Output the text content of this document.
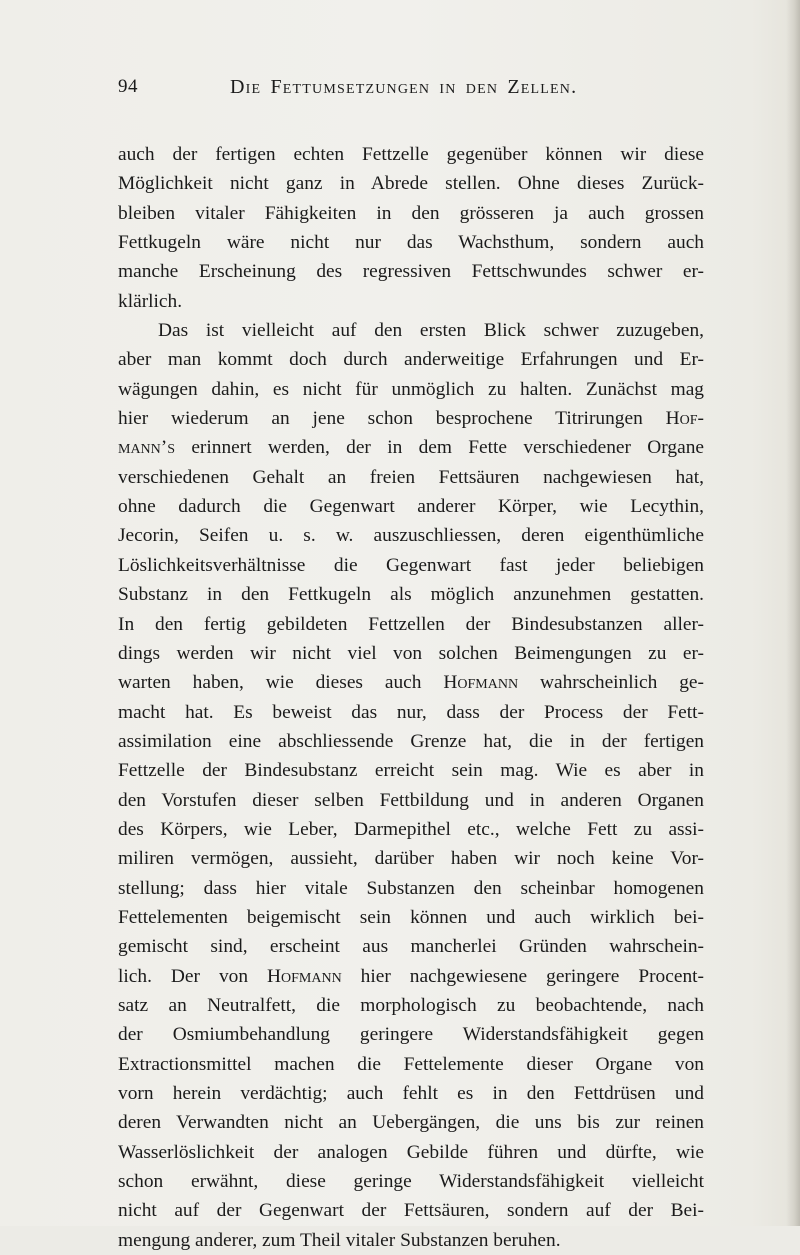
94	Die Fettumsetzungen in den Zellen.
auch der fertigen echten Fettzelle gegenüber können wir diese
Möglichkeit nicht ganz in Abrede stellen. Ohne dieses Zurück-
bleiben vitaler Fähigkeiten in den grösseren ja auch grossen
Fettkugeln wäre nicht nur das Wachsthum, sondern auch
manche Erscheinung des regressiven Fettschwundes schwer er-
klärlich.
Das ist vielleicht auf den ersten Blick schwer zuzugeben,
aber man kommt doch durch anderweitige Erfahrungen und Er-
wägungen dahin, es nicht für unmöglich zu halten. Zunächst mag
hier wiederum an jene schon besprochene Titrirungen Hof-
mann’s erinnert werden, der in dem Fette verschiedener Organe
verschiedenen Gehalt an freien Fettsäuren nachgewiesen hat,
ohne dadurch die Gegenwart anderer Körper, wie Lecythin,
Jecorin, Seifen u. s. w. auszuschliessen, deren eigenthümliche
Löslichkeitsverhältnisse die Gegenwart fast jeder beliebigen
Substanz in den Fettkugeln als möglich anzunehmen gestatten.
In den fertig gebildeten Fettzellen der Bindesubstanzen aller-
dings werden wir nicht viel von solchen Beimengungen zu er-
warten haben, wie dieses auch Hofmann wahrscheinlich ge-
macht hat. Es beweist das nur, dass der Process der Fett-
assimilation eine abschliessende Grenze hat, die in der fertigen
Fettzelle der Bindesubstanz erreicht sein mag. Wie es aber in
den Vorstufen dieser selben Fettbildung und in anderen Organen
des Körpers, wie Leber, Darmepithel etc., welche Fett zu assi-
miliren vermögen, aussieht, darüber haben wir noch keine Vor-
stellung; dass hier vitale Substanzen den scheinbar homogenen
Fettelementen beigemischt sein können und auch wirklich bei-
gemischt sind, erscheint aus mancherlei Gründen wahrschein-
lich. Der von Hofmann hier nachgewiesene geringere Procent-
satz an Neutralfett, die morphologisch zu beobachtende, nach
der Osmiumbehandlung geringere Widerstandsfähigkeit gegen
Extractionsmittel machen die Fettelemente dieser Organe von
vorn herein verdächtig; auch fehlt es in den Fettdrüsen und
deren Verwandten nicht an Uebergängen, die uns bis zur reinen
Wasserlöslichkeit der analogen Gebilde führen und dürfte, wie
schon erwähnt, diese geringe Widerstandsfähigkeit vielleicht
nicht auf der Gegenwart der Fettsäuren, sondern auf der Bei-
mengung anderer, zum Theil vitaler Substanzen beruhen.
